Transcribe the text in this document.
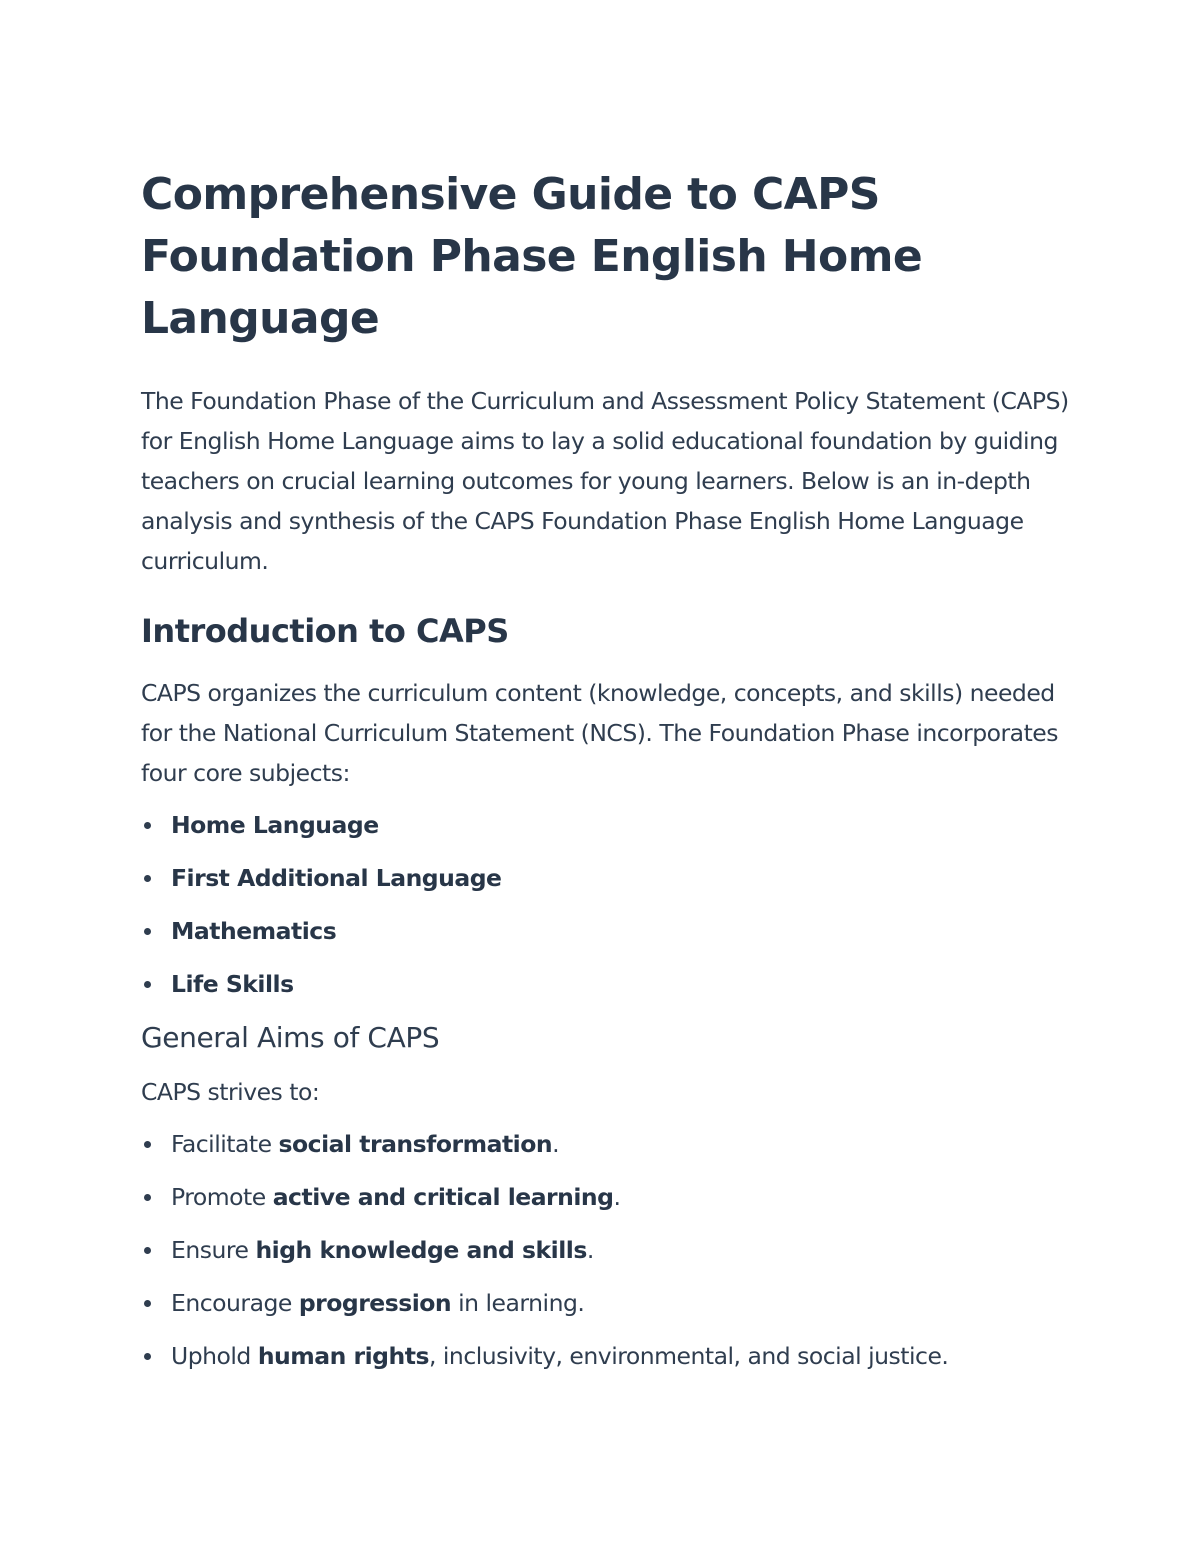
Comprehensive Guide to CAPS Foundation Phase English Home Language

The Foundation Phase of the Curriculum and Assessment Policy Statement (CAPS) for English Home Language aims to lay a solid educational foundation by guiding teachers on crucial learning outcomes for young learners. Below is an in-depth analysis and synthesis of the CAPS Foundation Phase English Home Language curriculum.

Introduction to CAPS

CAPS organizes the curriculum content (knowledge, concepts, and skills) needed for the National Curriculum Statement (NCS). The Foundation Phase incorporates four core subjects:

Home Language
First Additional Language
Mathematics
Life Skills
General Aims of CAPS

CAPS strives to:

Facilitate social transformation.
Promote active and critical learning.
Ensure high knowledge and skills.
Encourage progression in learning.
Uphold human rights, inclusivity, environmental, and social justice.
